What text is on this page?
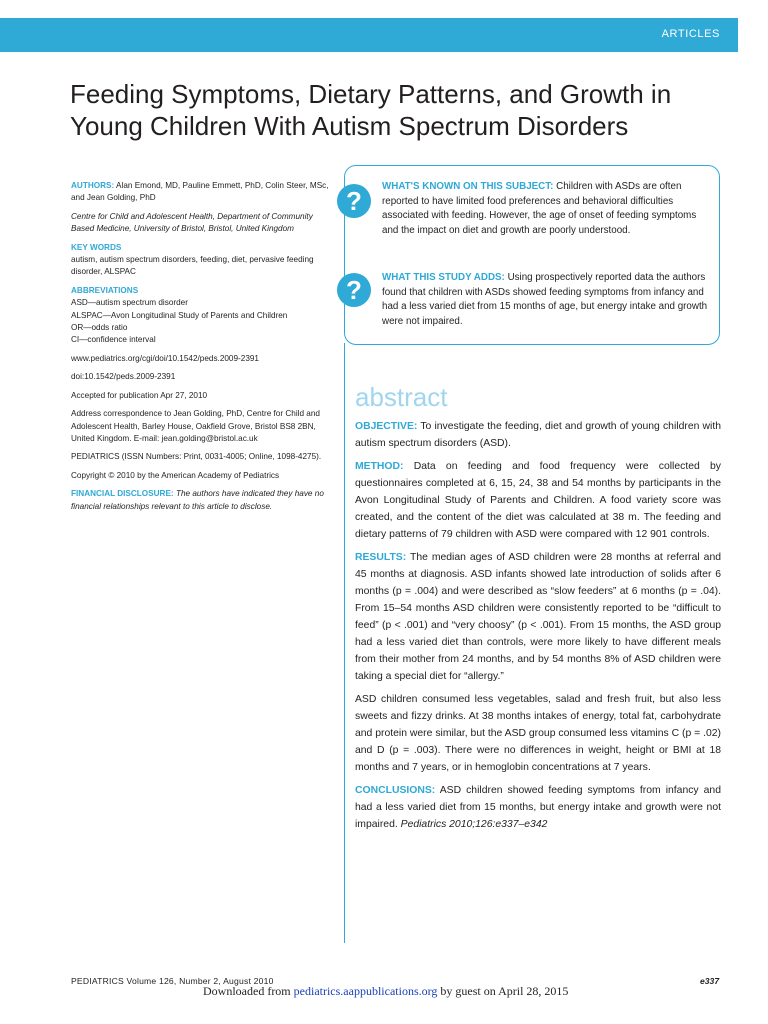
ARTICLES
Feeding Symptoms, Dietary Patterns, and Growth in Young Children With Autism Spectrum Disorders

AUTHORS: Alan Emond, MD, Pauline Emmett, PhD, Colin Steer, MSc, and Jean Golding, PhD

Centre for Child and Adolescent Health, Department of Community Based Medicine, University of Bristol, Bristol, United Kingdom

KEY WORDS
autism, autism spectrum disorders, feeding, diet, pervasive feeding disorder, ALSPAC

ABBREVIATIONS
ASD—autism spectrum disorder
ALSPAC—Avon Longitudinal Study of Parents and Children
OR—odds ratio
CI—confidence interval

www.pediatrics.org/cgi/doi/10.1542/peds.2009-2391

doi:10.1542/peds.2009-2391

Accepted for publication Apr 27, 2010

Address correspondence to Jean Golding, PhD, Centre for Child and Adolescent Health, Barley House, Oakfield Grove, Bristol BS8 2BN, United Kingdom. E-mail: jean.golding@bristol.ac.uk

PEDIATRICS (ISSN Numbers: Print, 0031-4005; Online, 1098-4275).

Copyright © 2010 by the American Academy of Pediatrics

FINANCIAL DISCLOSURE: The authors have indicated they have no financial relationships relevant to this article to disclose.

?
?
WHAT'S KNOWN ON THIS SUBJECT: Children with ASDs are often reported to have limited food preferences and behavioral difficulties associated with feeding. However, the age of onset of feeding symptoms and the impact on diet and growth are poorly understood.
WHAT THIS STUDY ADDS: Using prospectively reported data the authors found that children with ASDs showed feeding symptoms from infancy and had a less varied diet from 15 months of age, but energy intake and growth were not impaired.
abstract

OBJECTIVE: To investigate the feeding, diet and growth of young children with autism spectrum disorders (ASD).

METHOD: Data on feeding and food frequency were collected by questionnaires completed at 6, 15, 24, 38 and 54 months by participants in the Avon Longitudinal Study of Parents and Children. A food variety score was created, and the content of the diet was calculated at 38 m. The feeding and dietary patterns of 79 children with ASD were compared with 12 901 controls.

RESULTS: The median ages of ASD children were 28 months at referral and 45 months at diagnosis. ASD infants showed late introduction of solids after 6 months (p = .004) and were described as “slow feeders” at 6 months (p = .04). From 15–54 months ASD children were consistently reported to be “difficult to feed” (p < .001) and “very choosy” (p < .001). From 15 months, the ASD group had a less varied diet than controls, were more likely to have different meals from their mother from 24 months, and by 54 months 8% of ASD children were taking a special diet for “allergy.”

ASD children consumed less vegetables, salad and fresh fruit, but also less sweets and fizzy drinks. At 38 months intakes of energy, total fat, carbohydrate and protein were similar, but the ASD group consumed less vitamins C (p = .02) and D (p = .003). There were no differences in weight, height or BMI at 18 months and 7 years, or in hemoglobin concentrations at 7 years.

CONCLUSIONS: ASD children showed feeding symptoms from infancy and had a less varied diet from 15 months, but energy intake and growth were not impaired. Pediatrics 2010;126:e337–e342

PEDIATRICS Volume 126, Number 2, August 2010	e337
Downloaded from pediatrics.aappublications.org by guest on April 28, 2015
